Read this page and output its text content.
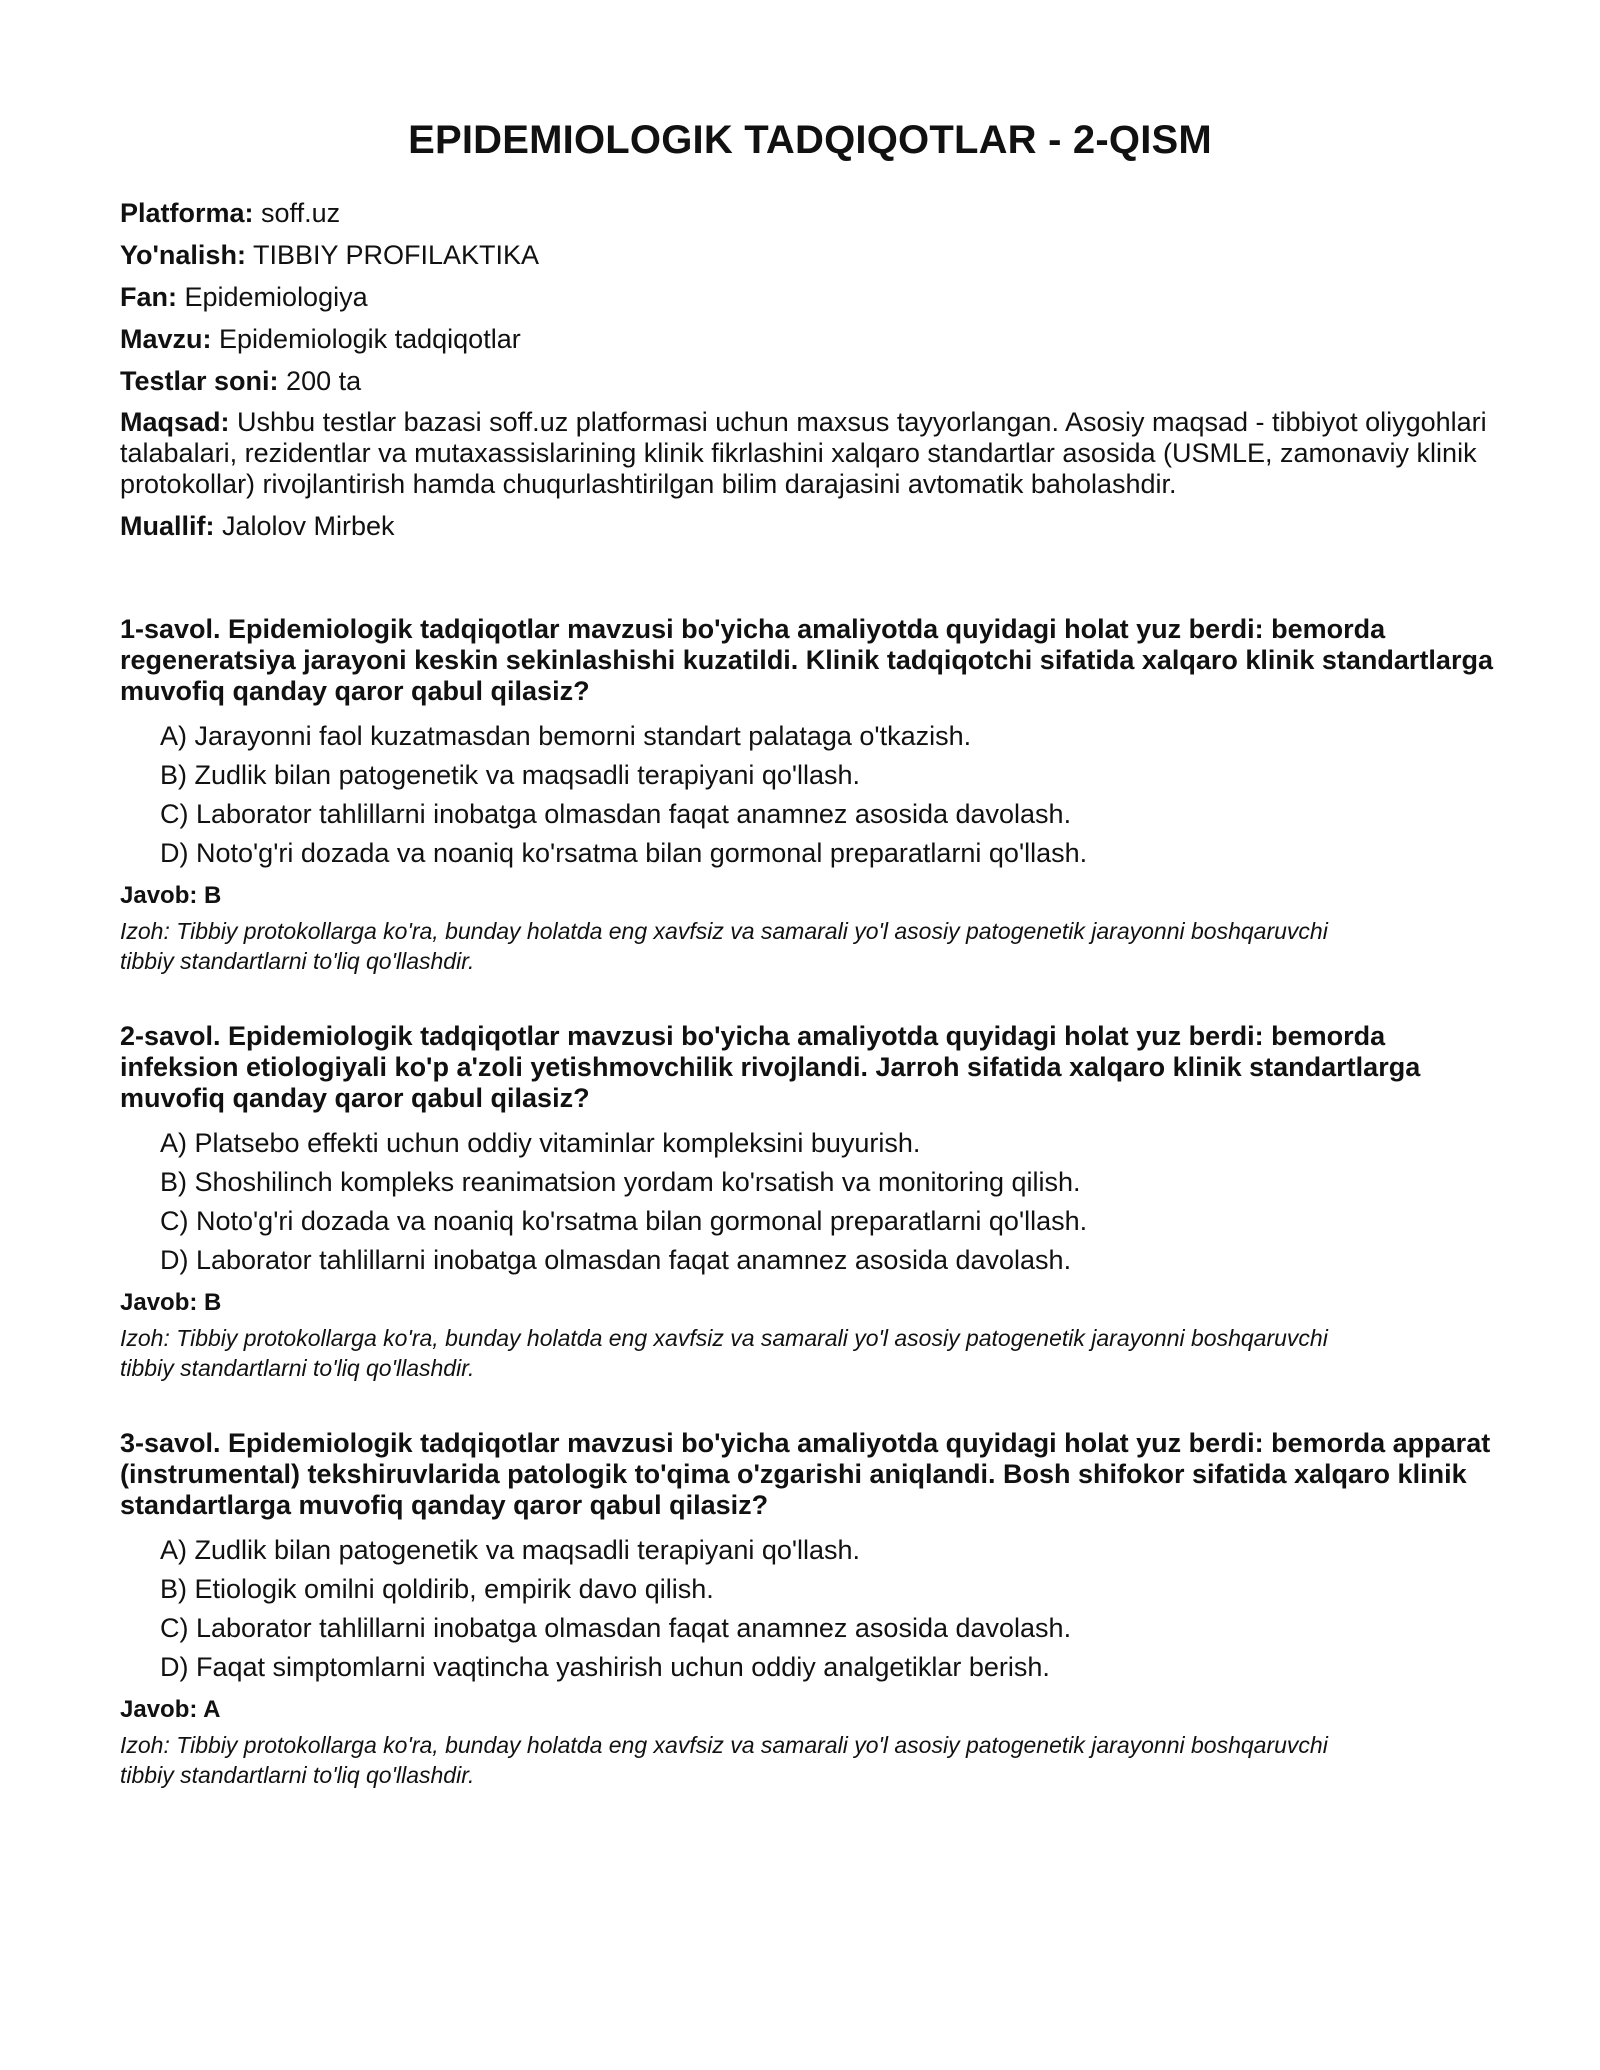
EPIDEMIOLOGIK TADQIQOTLAR - 2-QISM

Platforma: soff.uz

Yo'nalish: TIBBIY PROFILAKTIKA

Fan: Epidemiologiya

Mavzu: Epidemiologik tadqiqotlar

Testlar soni: 200 ta

Maqsad: Ushbu testlar bazasi soff.uz platformasi uchun maxsus tayyorlangan. Asosiy maqsad - tibbiyot oliygohlari talabalari, rezidentlar va mutaxassislarining klinik fikrlashini xalqaro standartlar asosida (USMLE, zamonaviy klinik protokollar) rivojlantirish hamda chuqurlashtirilgan bilim darajasini avtomatik baholashdir.

Muallif: Jalolov Mirbek

1-savol. Epidemiologik tadqiqotlar mavzusi bo'yicha amaliyotda quyidagi holat yuz berdi: bemorda regeneratsiya jarayoni keskin sekinlashishi kuzatildi. Klinik tadqiqotchi sifatida xalqaro klinik standartlarga muvofiq qanday qaror qabul qilasiz?

A) Jarayonni faol kuzatmasdan bemorni standart palataga o'tkazish.

B) Zudlik bilan patogenetik va maqsadli terapiyani qo'llash.

C) Laborator tahlillarni inobatga olmasdan faqat anamnez asosida davolash.

D) Noto'g'ri dozada va noaniq ko'rsatma bilan gormonal preparatlarni qo'llash.

Javob: B

Izoh: Tibbiy protokollarga ko'ra, bunday holatda eng xavfsiz va samarali yo'l asosiy patogenetik jarayonni boshqaruvchi tibbiy standartlarni to'liq qo'llashdir.

2-savol. Epidemiologik tadqiqotlar mavzusi bo'yicha amaliyotda quyidagi holat yuz berdi: bemorda infeksion etiologiyali ko'p a'zoli yetishmovchilik rivojlandi. Jarroh sifatida xalqaro klinik standartlarga muvofiq qanday qaror qabul qilasiz?

A) Platsebo effekti uchun oddiy vitaminlar kompleksini buyurish.

B) Shoshilinch kompleks reanimatsion yordam ko'rsatish va monitoring qilish.

C) Noto'g'ri dozada va noaniq ko'rsatma bilan gormonal preparatlarni qo'llash.

D) Laborator tahlillarni inobatga olmasdan faqat anamnez asosida davolash.

Javob: B

Izoh: Tibbiy protokollarga ko'ra, bunday holatda eng xavfsiz va samarali yo'l asosiy patogenetik jarayonni boshqaruvchi tibbiy standartlarni to'liq qo'llashdir.

3-savol. Epidemiologik tadqiqotlar mavzusi bo'yicha amaliyotda quyidagi holat yuz berdi: bemorda apparat (instrumental) tekshiruvlarida patologik to'qima o'zgarishi aniqlandi. Bosh shifokor sifatida xalqaro klinik standartlarga muvofiq qanday qaror qabul qilasiz?

A) Zudlik bilan patogenetik va maqsadli terapiyani qo'llash.

B) Etiologik omilni qoldirib, empirik davo qilish.

C) Laborator tahlillarni inobatga olmasdan faqat anamnez asosida davolash.

D) Faqat simptomlarni vaqtincha yashirish uchun oddiy analgetiklar berish.

Javob: A

Izoh: Tibbiy protokollarga ko'ra, bunday holatda eng xavfsiz va samarali yo'l asosiy patogenetik jarayonni boshqaruvchi tibbiy standartlarni to'liq qo'llashdir.
